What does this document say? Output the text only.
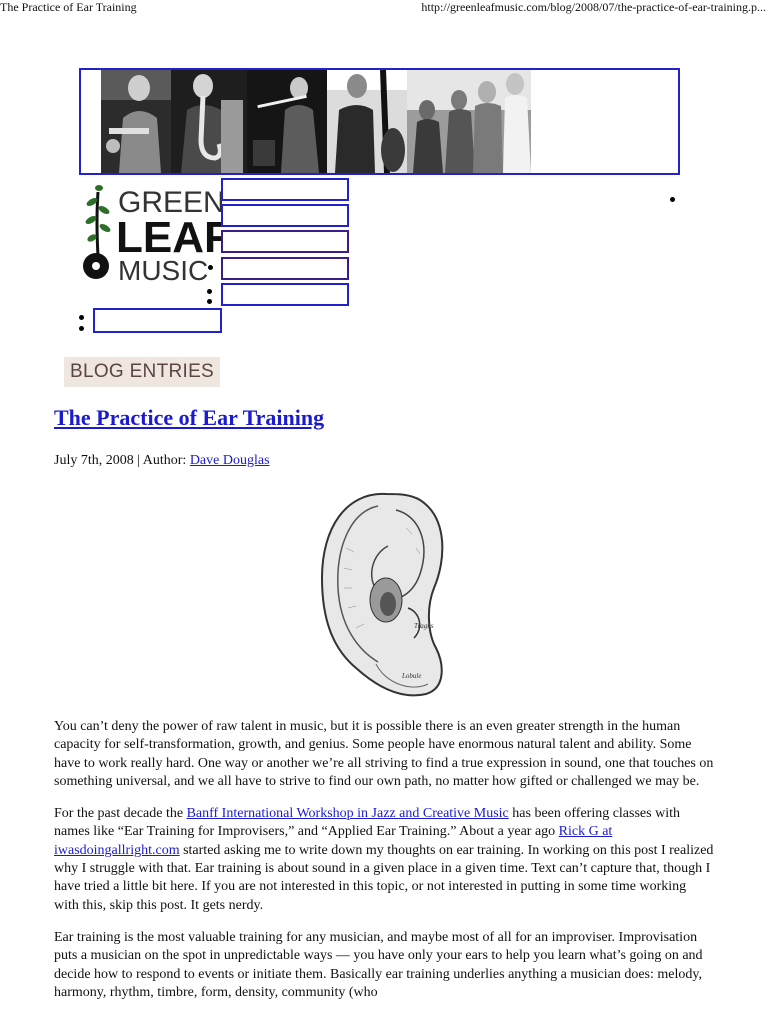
The Practice of Ear Training	http://greenleafmusic.com/blog/2008/07/the-practice-of-ear-training.p...
GREEN
LEAF
MUSIC
BLOG ENTRIES
The Practice of Ear Training
July 7th, 2008 | Author: Dave Douglas
Tragus
Lobule

You can’t deny the power of raw talent in music, but it is possible there is an even greater strength in the human capacity for self-transformation, growth, and genius. Some people have enormous natural talent and ability. Some have to work really hard. One way or another we’re all striving to find a true expression in sound, one that touches on something universal, and we all have to strive to find our own path, no matter how gifted or challenged we may be.

For the past decade the Banff International Workshop in Jazz and Creative Music has been offering classes with names like “Ear Training for Improvisers,” and “Applied Ear Training.” About a year ago Rick G at iwasdoingallright.com started asking me to write down my thoughts on ear training. In working on this post I realized why I struggle with that. Ear training is about sound in a given place in a given time. Text can’t capture that, though I have tried a little bit here. If you are not interested in this topic, or not interested in putting in some time working with this, skip this post. It gets nerdy.

Ear training is the most valuable training for any musician, and maybe most of all for an improviser. Improvisation puts a musician on the spot in unpredictable ways — you have only your ears to help you learn what’s going on and decide how to respond to events or initiate them. Basically ear training underlies anything a musician does: melody, harmony, rhythm, timbre, form, density, community (who
